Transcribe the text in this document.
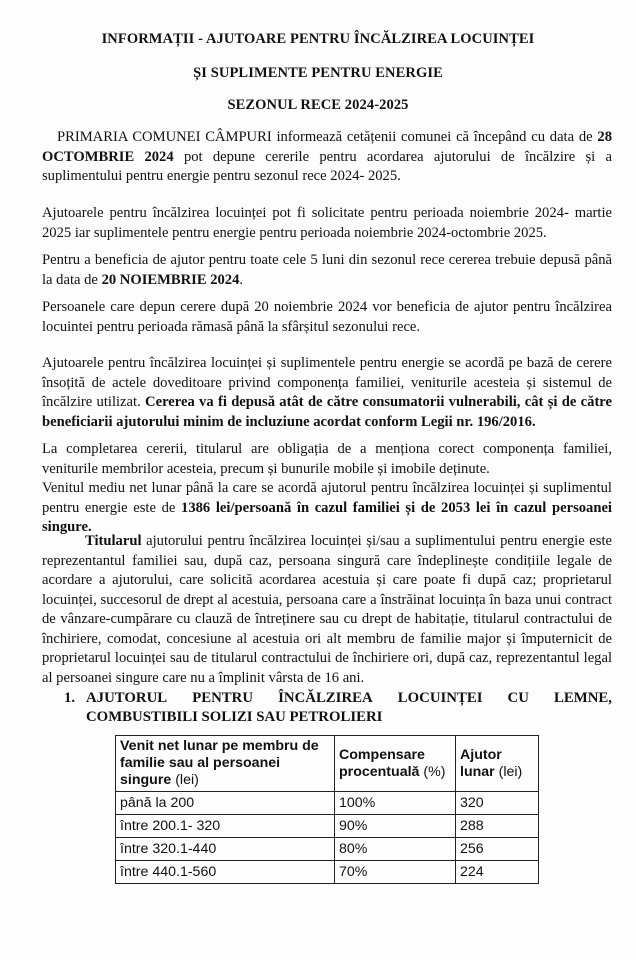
INFORMAȚII - AJUTOARE PENTRU ÎNCĂLZIREA LOCUINȚEI
ȘI SUPLIMENTE PENTRU ENERGIE
SEZONUL RECE 2024-2025

PRIMARIA COMUNEI CÂMPURI informează cetățenii comunei că începând cu data de 28 OCTOMBRIE 2024 pot depune cererile pentru acordarea ajutorului de încălzire și a suplimentului pentru energie pentru sezonul rece 2024- 2025.

Ajutoarele pentru încălzirea locuinței pot fi solicitate pentru perioada noiembrie 2024- martie 2025 iar suplimentele pentru energie pentru perioada noiembrie 2024-octombrie 2025.

Pentru a beneficia de ajutor pentru toate cele 5 luni din sezonul rece cererea trebuie depusă până la data de 20 NOIEMBRIE 2024.

Persoanele care depun cerere după 20 noiembrie 2024 vor beneficia de ajutor pentru încălzirea locuintei pentru perioada rămasă până la sfârșitul sezonului rece.

Ajutoarele pentru încălzirea locuinței și suplimentele pentru energie se acordă pe bază de cerere însoțită de actele doveditoare privind componența familiei, veniturile acesteia și sistemul de încălzire utilizat. Cererea va fi depusă atât de către consumatorii vulnerabili, cât și de către beneficiarii ajutorului minim de incluziune acordat conform Legii nr. 196/2016.

La completarea cererii, titularul are obligația de a menționa corect componența familiei, veniturile membrilor acesteia, precum și bunurile mobile și imobile deținute.

Venitul mediu net lunar până la care se acordă ajutorul pentru încălzirea locuinței și suplimentul pentru energie este de 1386 lei/persoană în cazul familiei și de 2053 lei în cazul persoanei singure.

Titularul ajutorului pentru încălzirea locuinței și/sau a suplimentului pentru energie este reprezentantul familiei sau, după caz, persoana singură care îndeplinește condițiile legale de acordare a ajutorului, care solicită acordarea acestuia și care poate fi după caz; proprietarul locuinței, succesorul de drept al acestuia, persoana care a înstrăinat locuința în baza unui contract de vânzare-cumpărare cu clauză de întreținere sau cu drept de habitație, titularul contractului de închiriere, comodat, concesiune al acestuia ori alt membru de familie major și împuternicit de proprietarul locuinței sau de titularul contractului de închiriere ori, după caz, reprezentantul legal al persoanei singure care nu a împlinit vârsta de 16 ani.

1. AJUTORUL PENTRU ÎNCĂLZIREA LOCUINȚEI CU LEMNE,
COMBUSTIBILI SOLIZI SAU PETROLIERI
Venit net lunar pe membru de familie sau al persoanei singure (lei)	Compensare procentuală (%)	Ajutor lunar (lei)
până la 200	100%	320
între 200.1- 320	90%	288
între 320.1-440	80%	256
între 440.1-560	70%	224
